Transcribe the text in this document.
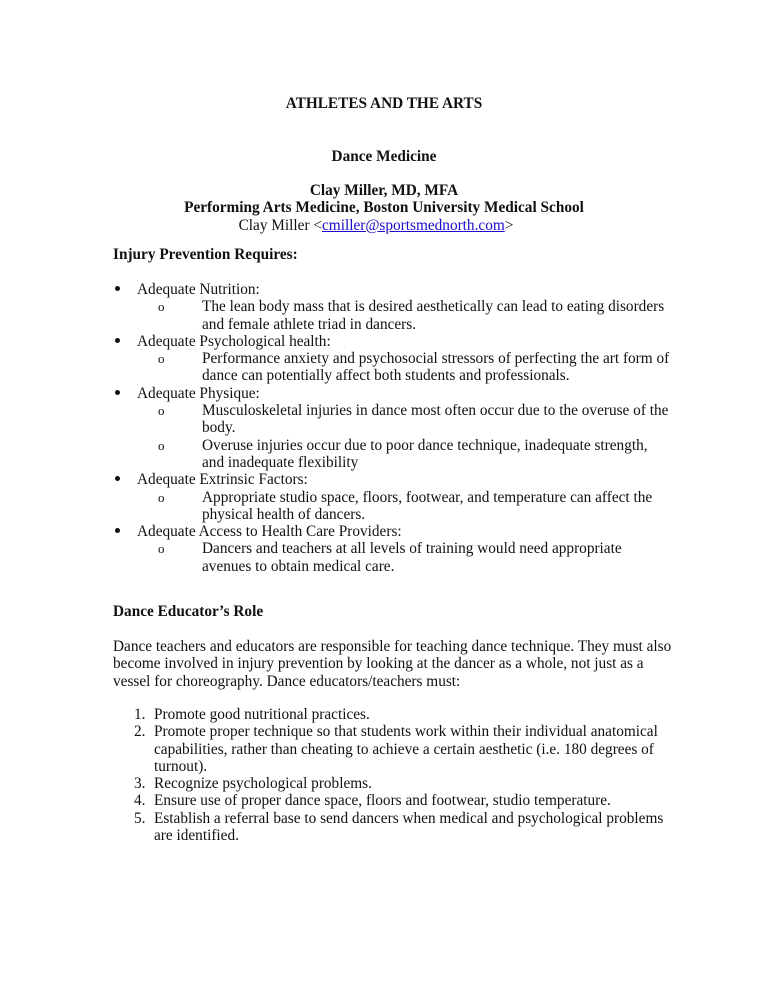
ATHLETES AND THE ARTS
Dance Medicine
Clay Miller, MD, MFA
Performing Arts Medicine, Boston University Medical School
Clay Miller <cmiller@sportsmednorth.com>
Injury Prevention Requires:
Adequate Nutrition:
o The lean body mass that is desired aesthetically can lead to eating disorders and female athlete triad in dancers.
Adequate Psychological health:
o Performance anxiety and psychosocial stressors of perfecting the art form of dance can potentially affect both students and professionals.
Adequate Physique:
o Musculoskeletal injuries in dance most often occur due to the overuse of the body.
o Overuse injuries occur due to poor dance technique, inadequate strength, and inadequate flexibility
Adequate Extrinsic Factors:
o Appropriate studio space, floors, footwear, and temperature can affect the physical health of dancers.
Adequate Access to Health Care Providers:
o Dancers and teachers at all levels of training would need appropriate avenues to obtain medical care.
Dance Educator’s Role
Dance teachers and educators are responsible for teaching dance technique. They must also become involved in injury prevention by looking at the dancer as a whole, not just as a vessel for choreography. Dance educators/teachers must:
1. Promote good nutritional practices.
2. Promote proper technique so that students work within their individual anatomical capabilities, rather than cheating to achieve a certain aesthetic (i.e. 180 degrees of turnout).
3. Recognize psychological problems.
4. Ensure use of proper dance space, floors and footwear, studio temperature.
5. Establish a referral base to send dancers when medical and psychological problems are identified.
